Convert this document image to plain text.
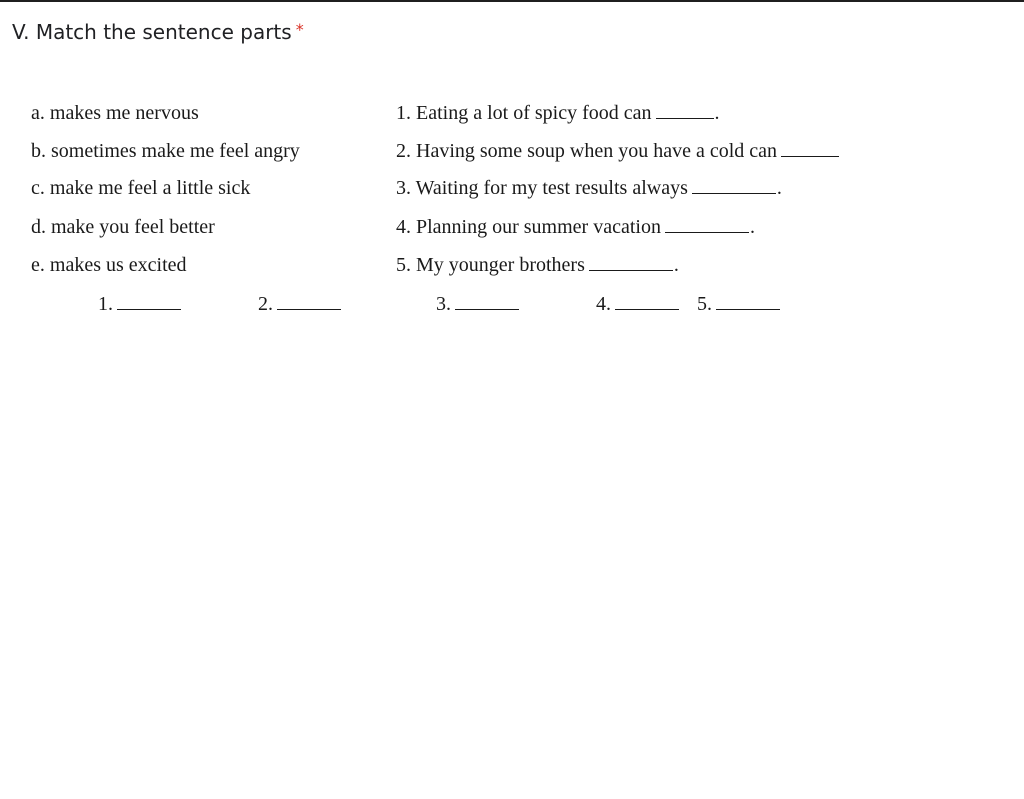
V. Match the sentence parts *
a. makes me nervous
b. sometimes make me feel angry
c. make me feel a little sick
d. make you feel better
e. makes us excited
1. Eating a lot of spicy food can	.
2. Having some soup when you have a cold can
3. Waiting for my test results always	.
4. Planning our summer vacation	.
5. My younger brothers	.
1.	2.	3.	4.	5.
